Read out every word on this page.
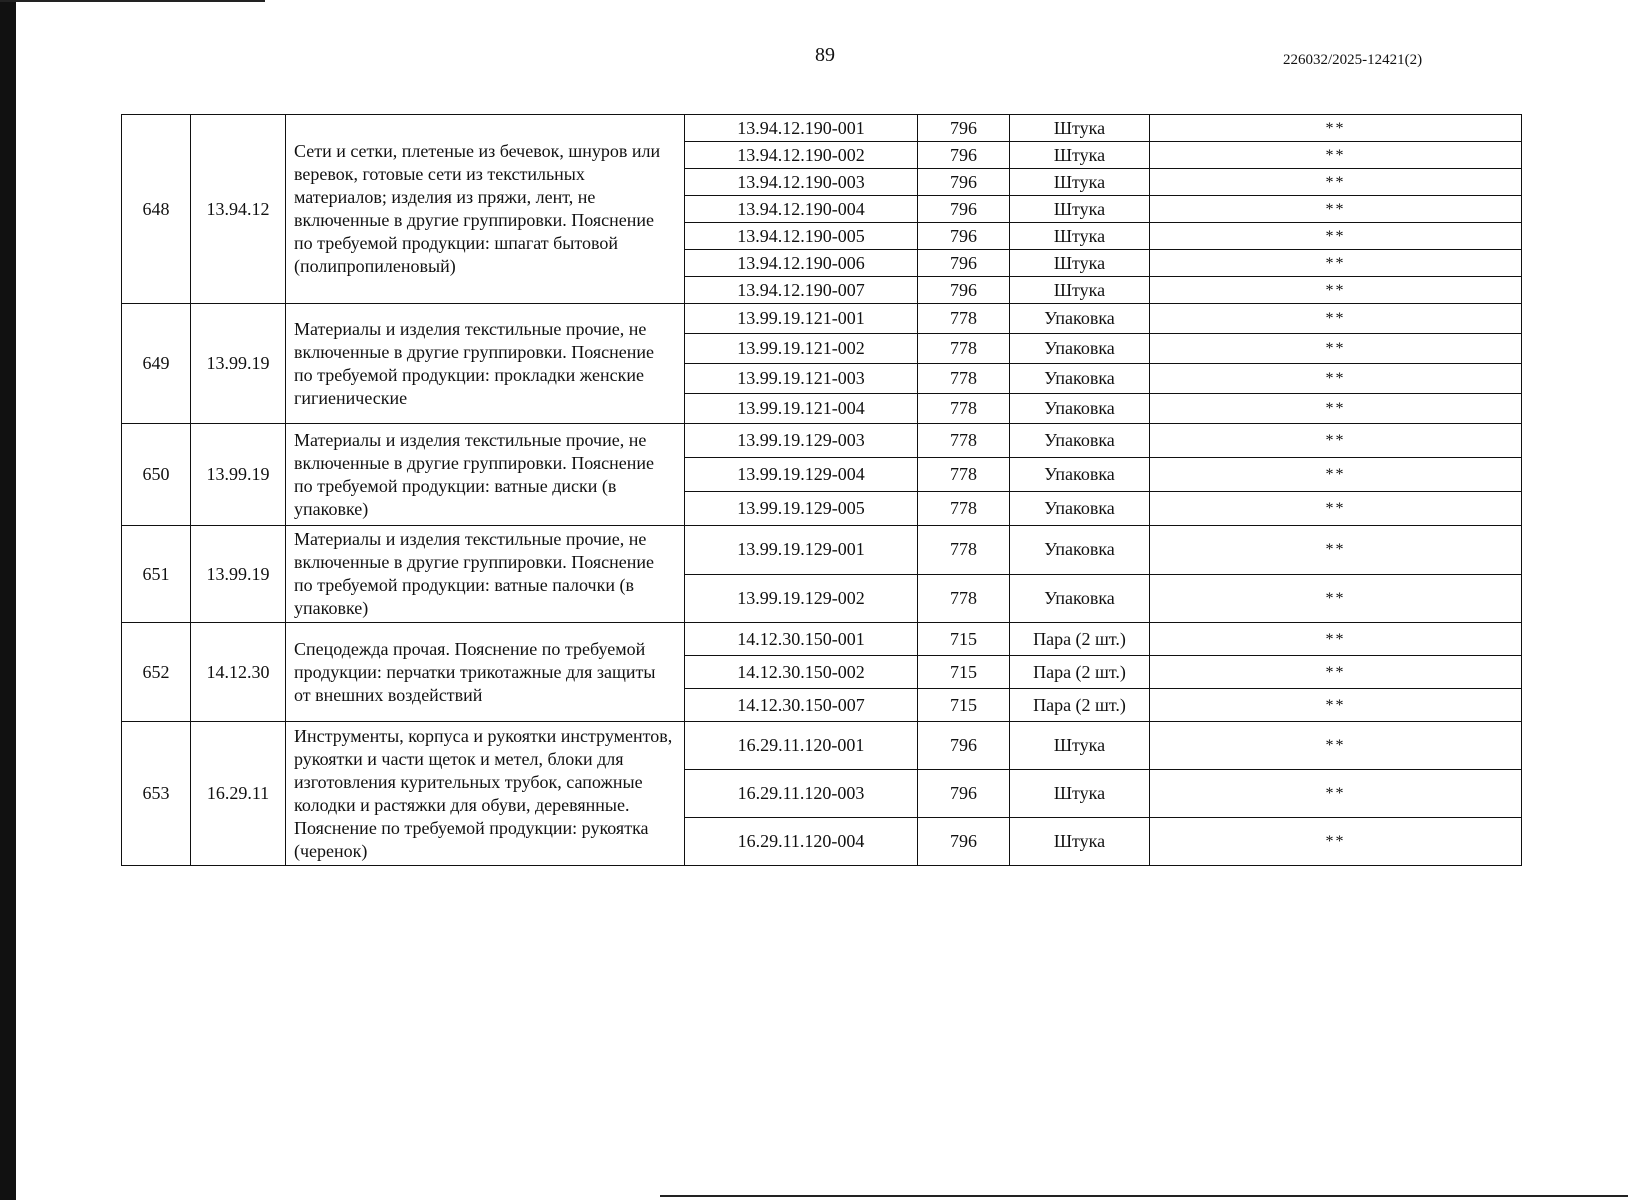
89	226032/2025-12421(2)
648	13.94.12	Сети и сетки, плетеные из бечевок, шнуров или веревок, готовые сети из текстильных материалов; изделия из пряжи, лент, не включенные в другие группировки. Пояснение по требуемой продукции: шпагат бытовой (полипропиленовый)	13.94.12.190-001	796	Штука	**
			13.94.12.190-002	796	Штука	**
			13.94.12.190-003	796	Штука	**
			13.94.12.190-004	796	Штука	**
			13.94.12.190-005	796	Штука	**
			13.94.12.190-006	796	Штука	**
			13.94.12.190-007	796	Штука	**
649	13.99.19	Материалы и изделия текстильные прочие, не включенные в другие группировки. Пояснение по требуемой продукции: прокладки женские гигиенические	13.99.19.121-001	778	Упаковка	**
			13.99.19.121-002	778	Упаковка	**
			13.99.19.121-003	778	Упаковка	**
			13.99.19.121-004	778	Упаковка	**
650	13.99.19	Материалы и изделия текстильные прочие, не включенные в другие группировки. Пояснение по требуемой продукции: ватные диски (в упаковке)	13.99.19.129-003	778	Упаковка	**
			13.99.19.129-004	778	Упаковка	**
			13.99.19.129-005	778	Упаковка	**
651	13.99.19	Материалы и изделия текстильные прочие, не включенные в другие группировки. Пояснение по требуемой продукции: ватные палочки (в упаковке)	13.99.19.129-001	778	Упаковка	**
			13.99.19.129-002	778	Упаковка	**
652	14.12.30	Спецодежда прочая. Пояснение по требуемой продукции: перчатки трикотажные для защиты от внешних воздействий	14.12.30.150-001	715	Пара (2 шт.)	**
			14.12.30.150-002	715	Пара (2 шт.)	**
			14.12.30.150-007	715	Пара (2 шт.)	**
653	16.29.11	Инструменты, корпуса и рукоятки инструментов, рукоятки и части щеток и метел, блоки для изготовления курительных трубок, сапожные колодки и растяжки для обуви, деревянные. Пояснение по требуемой продукции: рукоятка (черенок)	16.29.11.120-001	796	Штука	**
			16.29.11.120-003	796	Штука	**
			16.29.11.120-004	796	Штука	**
